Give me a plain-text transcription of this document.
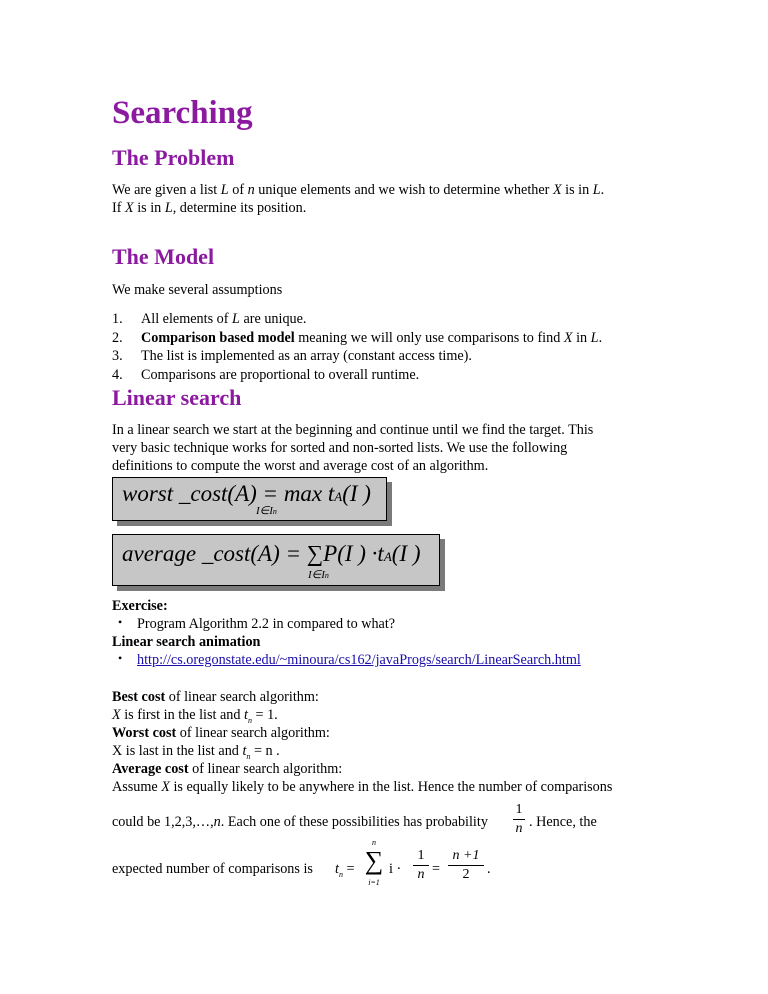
Searching
The Problem

We are given a list L of n unique elements and we wish to determine whether X is in L.
If X is in L, determine its position.

The Model

We make several assumptions

1. All elements of L are unique.
2. Comparison based model meaning we will only use comparisons to find X in L.
3. The list is implemented as an array (constant access time).
4. Comparisons are proportional to overall runtime.
Linear search

In a linear search we start at the beginning and continue until we find the target. This
very basic technique works for sorted and non-sorted lists. We use the following
definitions to compute the worst and average cost of an algorithm.

worst _cost(A) = max tA(I )
I∈In
average _cost(A) = ∑P(I ) ·tA(I )
I∈In
Exercise:
• Program Algorithm 2.2 in compared to what?
Linear search animation
• http://cs.oregonstate.edu/~minoura/cs162/javaProgs/search/LinearSearch.html
Best cost of linear search algorithm:
X is first in the list and $t_n = 1$.
Worst cost of linear search algorithm:
X is last in the list and $t_n = n$ .
Average cost of linear search algorithm:
Assume X is equally likely to be anywhere in the list. Hence the number of comparisons
could be 1,2,3,…,n. Each one of these possibilities has probability
1
n . Hence, the
expected number of comparisons is $t_n$ =
n
∑
i=1
i ·
1
n =
n +1
2	.
